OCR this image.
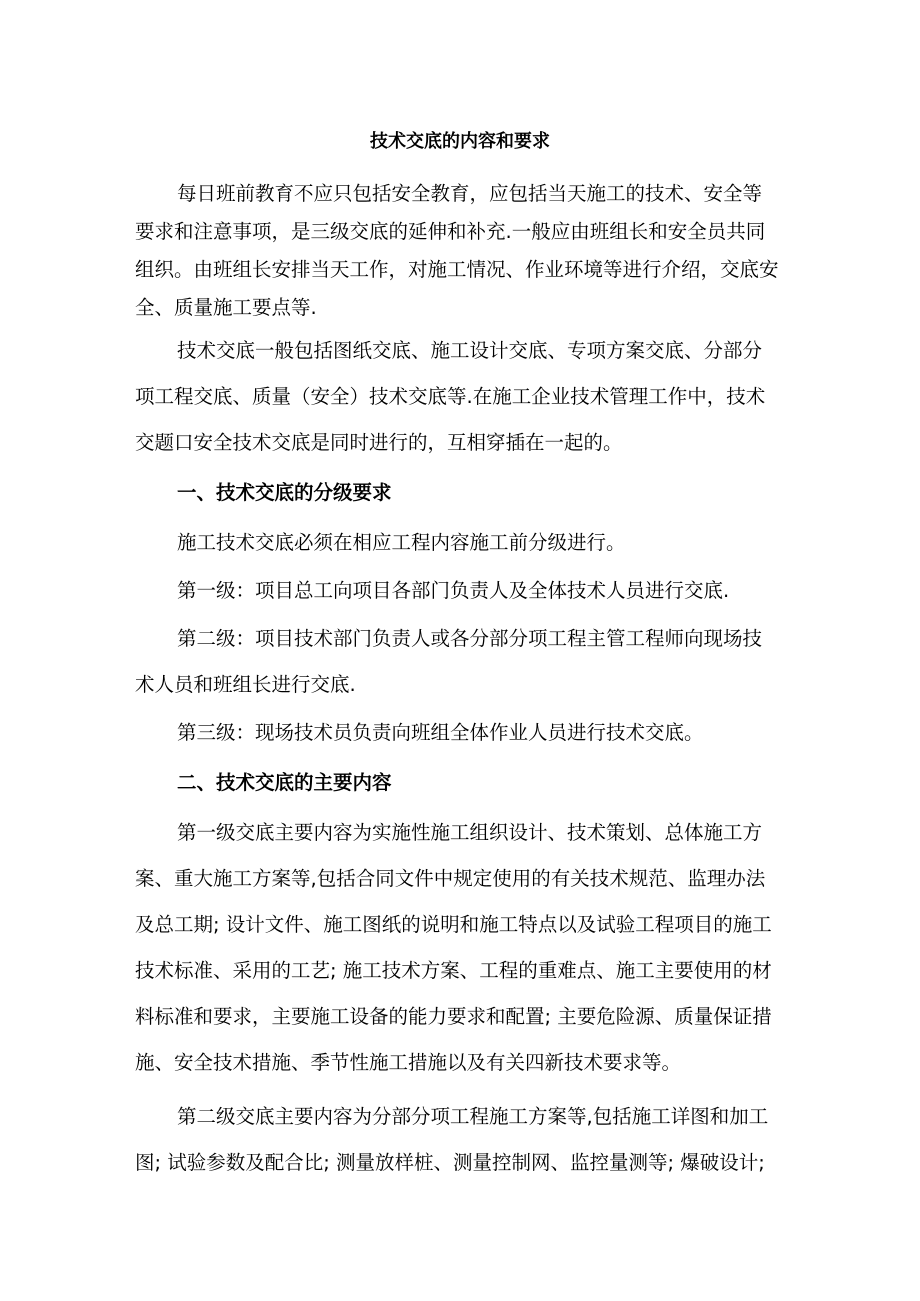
技术交底的内容和要求
每日班前教育不应只包括安全教育，应包括当天施工的技术、安全等
要求和注意事项，是三级交底的延伸和补充.一般应由班组长和安全员共同
组织。由班组长安排当天工作，对施工情况、作业环境等进行介绍，交底安
全、质量施工要点等.
技术交底一般包括图纸交底、施工设计交底、专项方案交底、分部分
项工程交底、质量（安全）技术交底等.在施工企业技术管理工作中，技术
交题口安全技术交底是同时进行的，互相穿插在一起的。
一、技术交底的分级要求
施工技术交底必须在相应工程内容施工前分级进行。
第一级：项目总工向项目各部门负责人及全体技术人员进行交底.
第二级：项目技术部门负责人或各分部分项工程主管工程师向现场技
术人员和班组长进行交底.
第三级：现场技术员负责向班组全体作业人员进行技术交底。
二、技术交底的主要内容
第一级交底主要内容为实施性施工组织设计、技术策划、总体施工方
案、重大施工方案等,包括合同文件中规定使用的有关技术规范、监理办法
及总工期; 设计文件、施工图纸的说明和施工特点以及试验工程项目的施工
技术标准、采用的工艺; 施工技术方案、工程的重难点、施工主要使用的材
料标准和要求，主要施工设备的能力要求和配置; 主要危险源、质量保证措
施、安全技术措施、季节性施工措施以及有关四新技术要求等。
第二级交底主要内容为分部分项工程施工方案等,包括施工详图和加工
图; 试验参数及配合比; 测量放样桩、测量控制网、监控量测等; 爆破设计;
